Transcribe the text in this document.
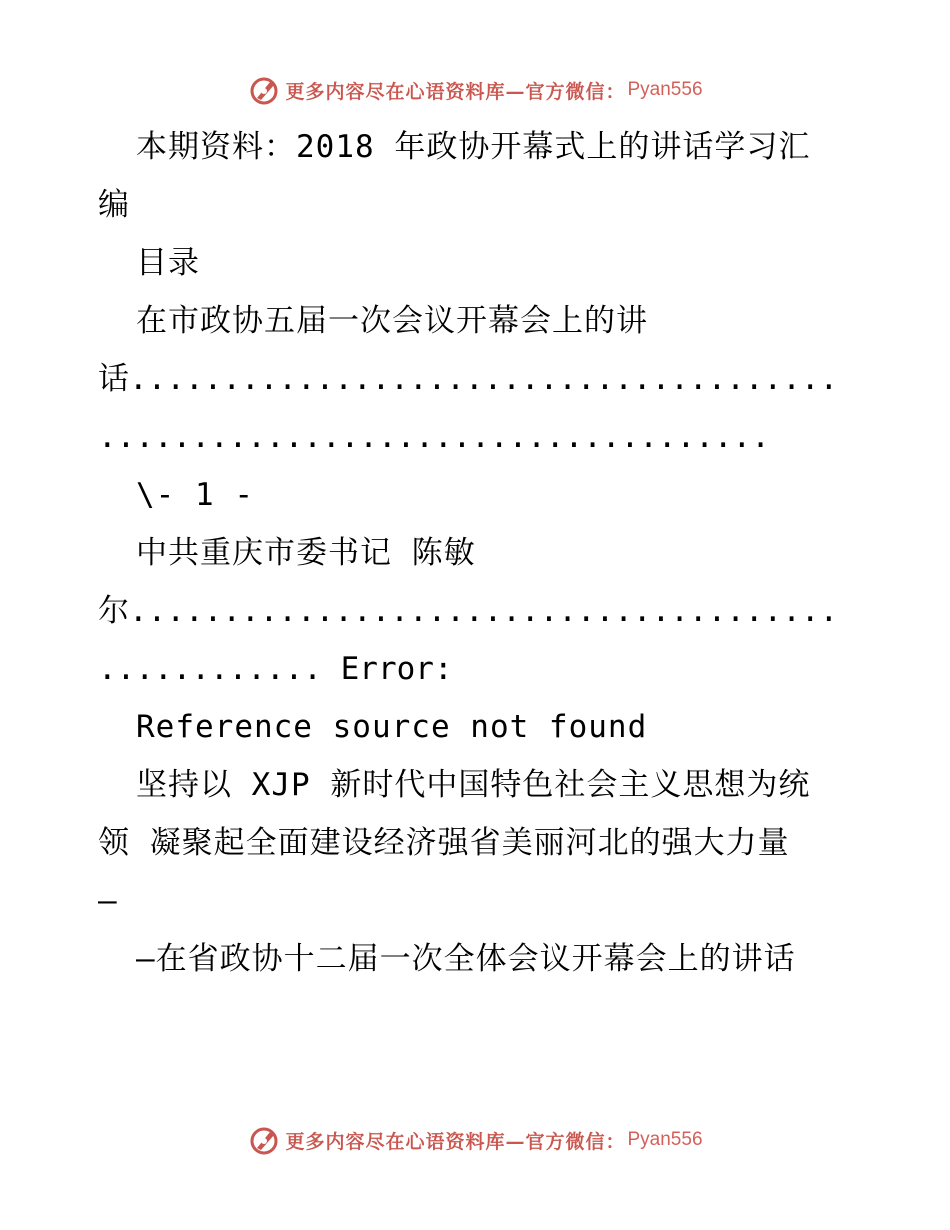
更多内容尽在心语资料库—官方微信： Pyan556
本期资料：2018 年政协开幕式上的讲话学习汇
编
目录
在市政协五届一次会议开幕会上的讲
话......................................
....................................
\- 1 -
中共重庆市委书记 陈敏
尔......................................
............ Error:
Reference source not found
坚持以 XJP 新时代中国特色社会主义思想为统
领 凝聚起全面建设经济强省美丽河北的强大力量
—
—在省政协十二届一次全体会议开幕会上的讲话
更多内容尽在心语资料库—官方微信： Pyan556
